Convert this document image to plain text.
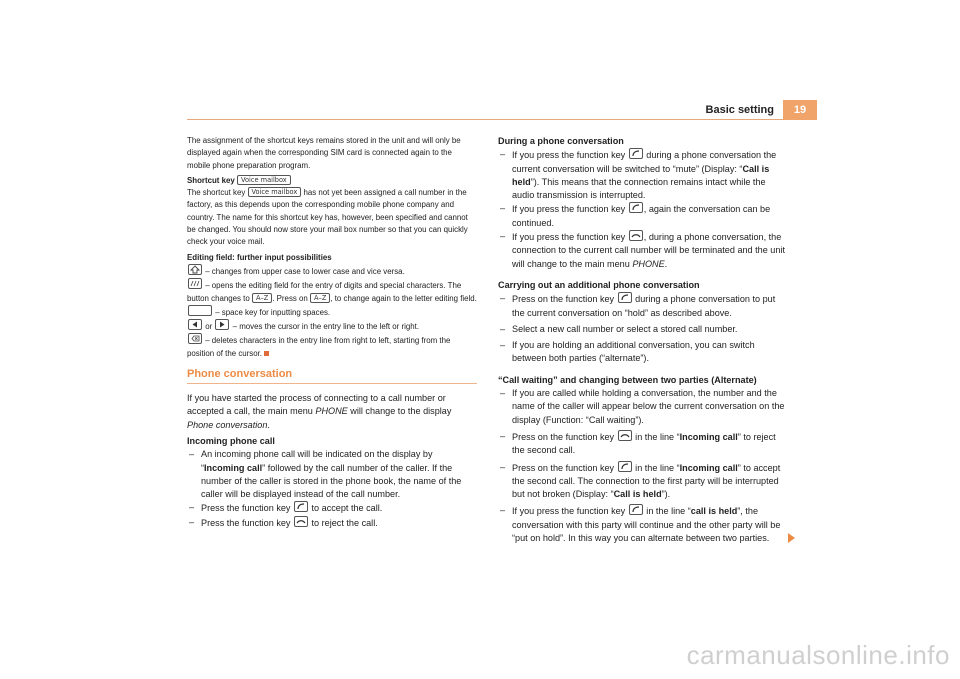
Basic setting	19

The assignment of the shortcut keys remains stored in the unit and will only be displayed again when the corresponding SIM card is connected again to the mobile phone preparation program.

Shortcut key Voice mailbox

The shortcut key Voice mailbox has not yet been assigned a call number in the factory, as this depends upon the corresponding mobile phone company and country. The name for this shortcut key has, however, been specified and cannot be changed. You should now store your mail box number so that you can quickly check your voice mail.

Editing field: further input possibilities

– changes from upper case to lower case and vice versa.

– opens the editing field for the entry of digits and special characters. The button changes to A–Z . Press on A–Z , to change again to the letter editing field.

– space key for inputting spaces.

or	– moves the cursor in the entry line to the left or right.

– deletes characters in the entry line from right to left, starting from the position of the cursor.

Phone conversation

If you have started the process of connecting to a call number or accepted a call, the main menu PHONE will change to the display Phone conversation.

Incoming phone call

– An incoming phone call will be indicated on the display by “Incoming call” followed by the call number of the caller. If the number of the caller is stored in the phone book, the name of the caller will be displayed instead of the call number.

– Press the function key to accept the call.

– Press the function key to reject the call.

During a phone conversation

– If you press the function key during a phone conversation the current conversation will be switched to “mute” (Display: “Call is held”). This means that the connection remains intact while the audio transmission is interrupted.

– If you press the function key , again the conversation can be continued.

– If you press the function key , during a phone conversation, the connection to the current call number will be terminated and the unit will change to the main menu PHONE.

Carrying out an additional phone conversation

– Press on the function key during a phone conversation to put the current conversation on “hold” as described above.

– Select a new call number or select a stored call number.

– If you are holding an additional conversation, you can switch between both parties (“alternate”).

“Call waiting” and changing between two parties (Alternate)

– If you are called while holding a conversation, the number and the name of the caller will appear below the current conversation on the display (Function: “Call waiting”).

– Press on the function key in the line “Incoming call” to reject the second call.

– Press on the function key in the line “Incoming call” to accept the second call. The connection to the first party will be interrupted but not broken (Display: “Call is held”).

– If you press the function key in the line “call is held”, the conversation with this party will continue and the other party will be “put on hold”. In this way you can alternate between two parties.

carmanualsonline.info
